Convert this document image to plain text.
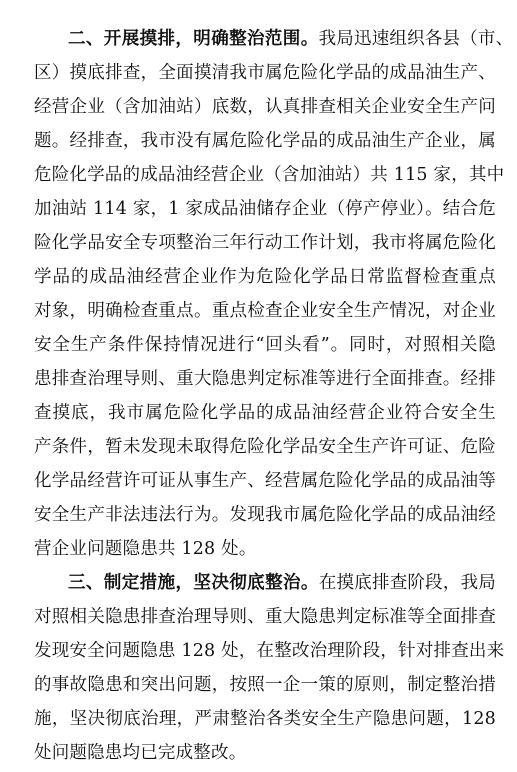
二、开展摸排，明确整治范围。我局迅速组织各县（市、
区）摸底排查，全面摸清我市属危险化学品的成品油生产、
经营企业（含加油站）底数，认真排查相关企业安全生产问
题。经排查，我市没有属危险化学品的成品油生产企业，属
危险化学品的成品油经营企业（含加油站）共 115 家，其中
加油站 114 家，1 家成品油储存企业（停产停业）。结合危
险化学品安全专项整治三年行动工作计划，我市将属危险化
学品的成品油经营企业作为危险化学品日常监督检查重点
对象，明确检查重点。重点检查企业安全生产情况，对企业
安全生产条件保持情况进行“回头看”。同时，对照相关隐
患排查治理导则、重大隐患判定标准等进行全面排查。经排
查摸底，我市属危险化学品的成品油经营企业符合安全生
产条件，暂未发现未取得危险化学品安全生产许可证、危险
化学品经营许可证从事生产、经营属危险化学品的成品油等
安全生产非法违法行为。发现我市属危险化学品的成品油经
营企业问题隐患共 128 处。
三、制定措施，坚决彻底整治。在摸底排查阶段，我局
对照相关隐患排查治理导则、重大隐患判定标准等全面排查
发现安全问题隐患 128 处，在整改治理阶段，针对排查出来
的事故隐患和突出问题，按照一企一策的原则，制定整治措
施，坚决彻底治理，严肃整治各类安全生产隐患问题，128
处问题隐患均已完成整改。
